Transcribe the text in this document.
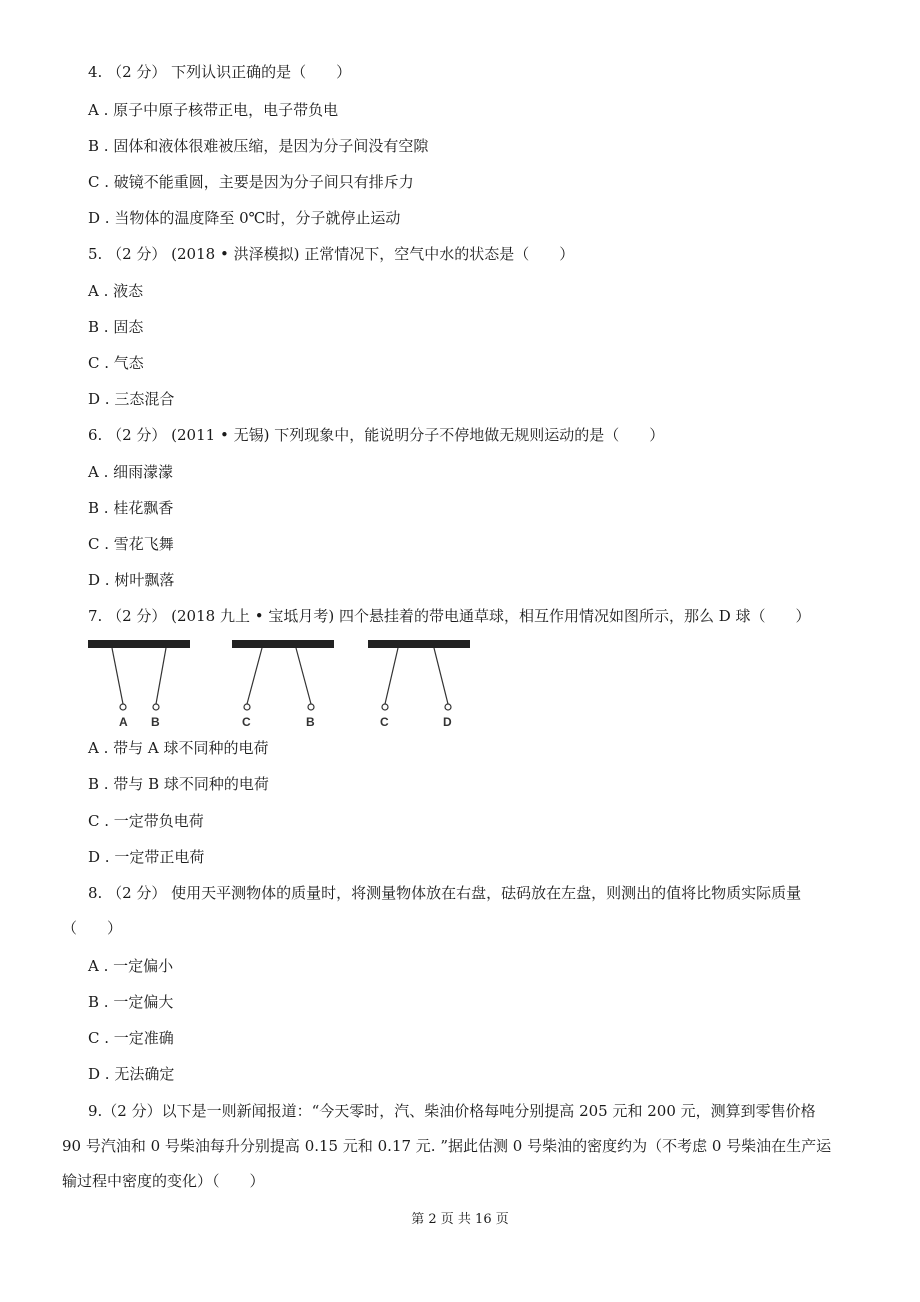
4. （2 分） 下列认识正确的是（　　）
A . 原子中原子核带正电，电子带负电
B . 固体和液体很难被压缩，是因为分子间没有空隙
C . 破镜不能重圆，主要是因为分子间只有排斥力
D . 当物体的温度降至 0℃时，分子就停止运动
5. （2 分） (2018 • 洪泽模拟) 正常情况下，空气中水的状态是（　　）
A . 液态
B . 固态
C . 气态
D . 三态混合
6. （2 分） (2011 • 无锡) 下列现象中，能说明分子不停地做无规则运动的是（　　）
A . 细雨濛濛
B . 桂花飘香
C . 雪花飞舞
D . 树叶飘落
7. （2 分） (2018 九上 • 宝坻月考) 四个悬挂着的带电通草球，相互作用情况如图所示，那么 D 球（　　）
A B	C	B	C	D
A . 带与 A 球不同种的电荷
B . 带与 B 球不同种的电荷
C . 一定带负电荷
D . 一定带正电荷
8. （2 分） 使用天平测物体的质量时，将测量物体放在右盘，砝码放在左盘，则测出的值将比物质实际质量
（　　）
A . 一定偏小
B . 一定偏大
C . 一定准确
D . 无法确定
9.（2 分）以下是一则新闻报道：“今天零时，汽、柴油价格每吨分别提高 205 元和 200 元，测算到零售价格
90 号汽油和 0 号柴油每升分别提高 0.15 元和 0.17 元. ”据此估测 0 号柴油的密度约为（不考虑 0 号柴油在生产运
输过程中密度的变化）（　　）
第 2 页 共 16 页
